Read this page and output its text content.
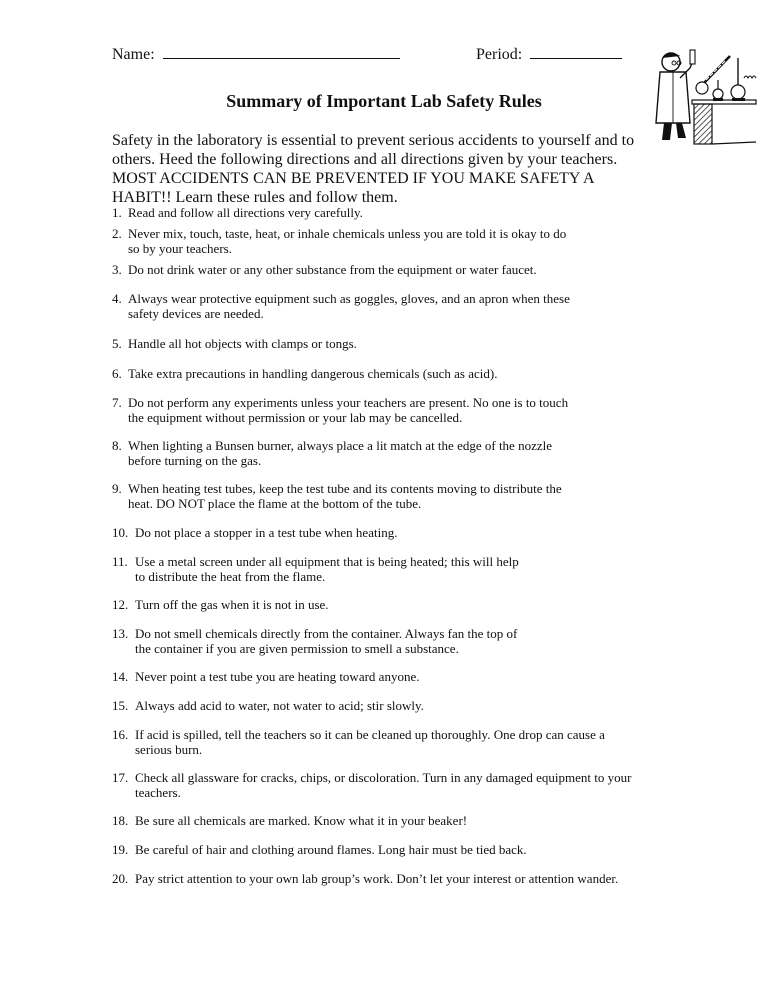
Name:	Period:
Summary of Important Lab Safety Rules

Safety in the laboratory is essential to prevent serious accidents to yourself and to others. Heed the following directions and all directions given by your teachers. MOST ACCIDENTS CAN BE PREVENTED IF YOU MAKE SAFETY A HABIT!! Learn these rules and follow them.

1. Read and follow all directions very carefully.
2. Never mix, touch, taste, heat, or inhale chemicals unless you are told it is okay to do so by your teachers.
3. Do not drink water or any other substance from the equipment or water faucet.
4. Always wear protective equipment such as goggles, gloves, and an apron when these safety devices are needed.
5. Handle all hot objects with clamps or tongs.
6. Take extra precautions in handling dangerous chemicals (such as acid).
7. Do not perform any experiments unless your teachers are present. No one is to touch the equipment without permission or your lab may be cancelled.
8. When lighting a Bunsen burner, always place a lit match at the edge of the nozzle before turning on the gas.
9. When heating test tubes, keep the test tube and its contents moving to distribute the heat. DO NOT place the flame at the bottom of the tube.
10. Do not place a stopper in a test tube when heating.
11. Use a metal screen under all equipment that is being heated; this will help to distribute the heat from the flame.
12. Turn off the gas when it is not in use.
13. Do not smell chemicals directly from the container. Always fan the top of the container if you are given permission to smell a substance.
14. Never point a test tube you are heating toward anyone.
15. Always add acid to water, not water to acid; stir slowly.
16. If acid is spilled, tell the teachers so it can be cleaned up thoroughly. One drop can cause a serious burn.
17. Check all glassware for cracks, chips, or discoloration. Turn in any damaged equipment to your teachers.
18. Be sure all chemicals are marked. Know what it in your beaker!
19. Be careful of hair and clothing around flames. Long hair must be tied back.
20. Pay strict attention to your own lab group’s work. Don’t let your interest or attention wander.
